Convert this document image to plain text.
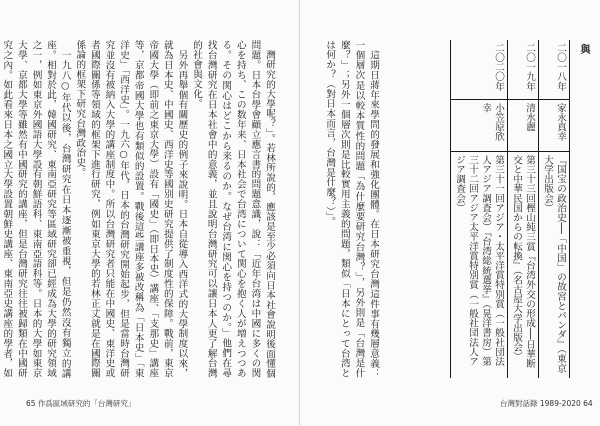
灣研究的大學呢？」。若林所說的，應該是至少必須向日本社會說明後面懂個問題。日本台學會顧立應言書的問題意識，說：「近年台湾は中國に多くの関心を持ち、この数年来、日本社会で台湾について関心を抱く人が増えつつある。その関心はどこから来るのか。なぜ台湾に関心を持つのか。」他們在尋找台灣研究在日本社會中的意義，並且說明台灣研究可以讓日本人更了解台灣的社會與文化。

另外再舉個有關歷史的例子來說明。日本自從導入西洋式的大學制度以來，就為日本史、中國史、西洋史等國別史研究提供了制度性的保障。戰前，東京帝國大學（即前之東京大學）設有「國史」（即日本史）講座、「支那史」講座等，京都帝國大學也有類似的設置。戰後這些講座多被改稱為「日本史」「東洋史」「西洋史」。一九六○年代，日本的台灣研究開始起步，但是當時台灣研究並沒有被納入大學的講座制度中。所以台灣研究者只能在中國史、東洋史或者國際關係等領域的框架下進行研究，例如東京大學的若林正丈就是在國際關係論的框架下研究台灣政治史。

一九八○年代以後，台灣研究在日本逐漸被重視，但是仍然沒有獨立的講座。相對於此，韓國研究、東南亞研究等區域研究卻已經成為大學的研究領域之一，例如東京外國語大學設有朝鮮語科、東南亞語科等。日本的大學如東京大學、京都大學等雖然有中國研究的講座，但是台灣研究往往被歸類在中國研究之內。如此看來日本之國立大學設置朝鮮史講座、東南亞史講座的學者，如

65 作爲區域研究的「台灣研究」
與
二〇一八年
家永真幸
『国宝の政治史──「中国」の故宮とパンダ』（東京大学出版会）
二〇一九年
清水麗
第三十三回樫山純三賞『台湾外交の形成──日華断交と中華民国からの転換』（名古屋大学出版会）
二〇二〇年
小笠原欣幸
第三十一回アジア・太平洋賞特別賞（一般社団法人アジア調査会）『台湾総統選挙』（晃洋書房）第三十二回アジア太平洋賞特別賞（一般社団法人アジア調査会）

這期日蔣年來學問的發展和強化團體。在日本研究台灣這件事有幾層意義：一個層次是以較本質性的問題「為什麼要研究台灣？」，另外則是「台灣是什麼？」；另外一個層次則是比較實用主義的問題，類似「日本にとって台湾とは何か？（對日本而言，台灣是什麼？）」。

台灣對話錄 1989-2020 64
